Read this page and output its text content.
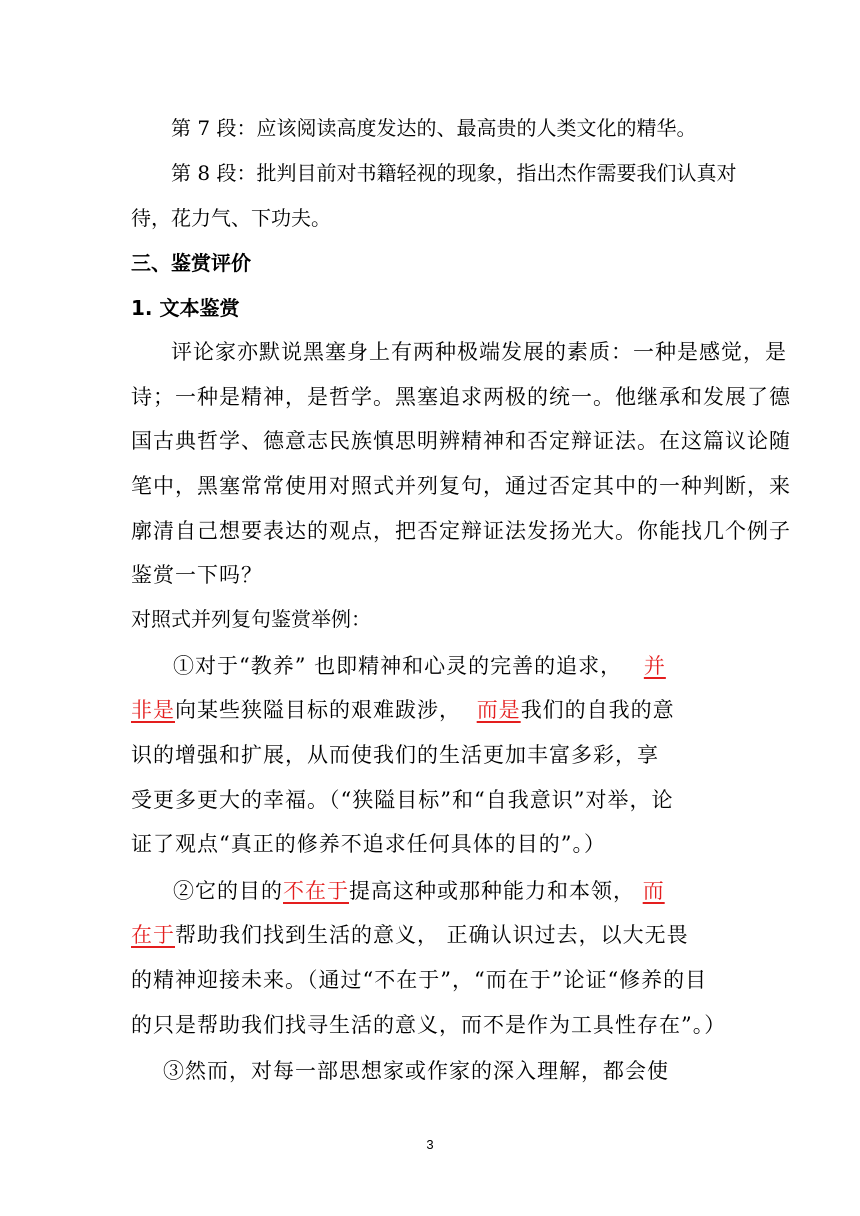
第 7 段：应该阅读高度发达的、最高贵的人类文化的精华。
第 8 段：批判目前对书籍轻视的现象，指出杰作需要我们认真对
待，花力气、下功夫。
三、鉴赏评价
1. 文本鉴赏
评论家亦默说黑塞身上有两种极端发展的素质：一种是感觉，是
诗；一种是精神，是哲学。黑塞追求两极的统一。他继承和发展了德
国古典哲学、德意志民族慎思明辨精神和否定辩证法。在这篇议论随
笔中，黑塞常常使用对照式并列复句，通过否定其中的一种判断，来
廓清自己想要表达的观点，把否定辩证法发扬光大。你能找几个例子
鉴赏一下吗？
对照式并列复句鉴赏举例：
①对于“教养” 也即精神和心灵的完善的追求， 并
非是向某些狭隘目标的艰难跋涉， 而是我们的自我的意
识的增强和扩展，从而使我们的生活更加丰富多彩，享
受更多更大的幸福。（“狭隘目标”和“自我意识”对举，论
证了观点“真正的修养不追求任何具体的目的”。）
②它的目的不在于提高这种或那种能力和本领， 而
在于帮助我们找到生活的意义， 正确认识过去，以大无畏
的精神迎接未来。（通过“不在于”，“而在于”论证“修养的目
的只是帮助我们找寻生活的意义，而不是作为工具性存在”。）
③然而，对每一部思想家或作家的深入理解，都会使
3
